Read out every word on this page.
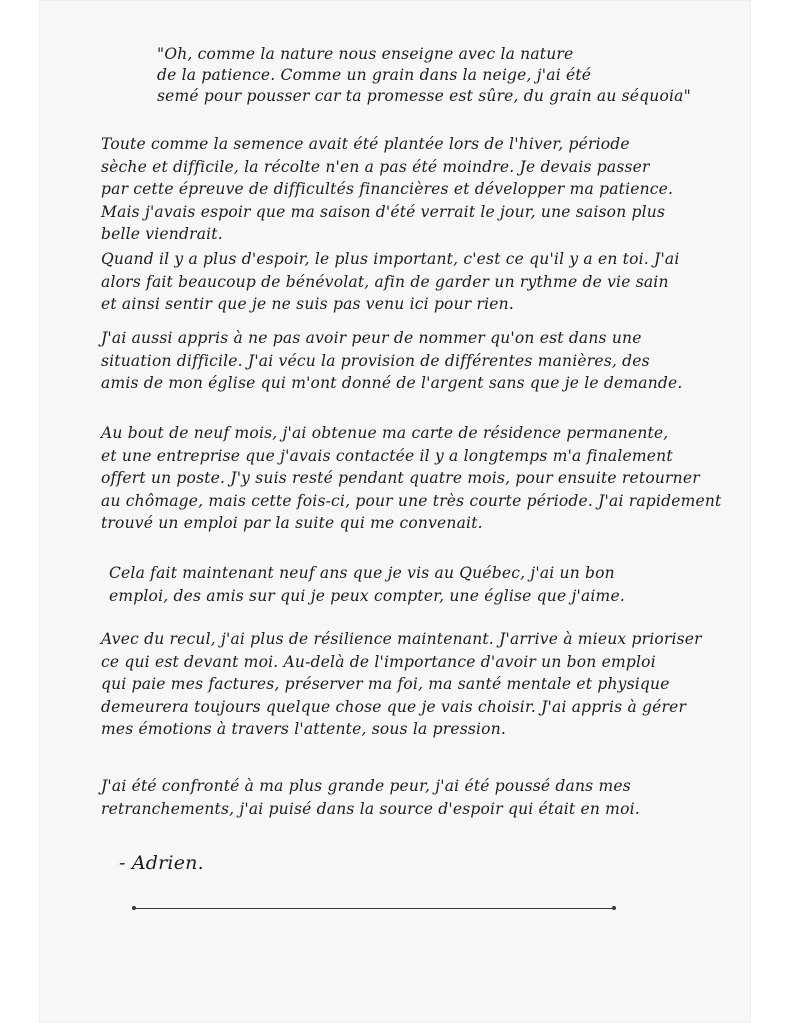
"Oh, comme la nature nous enseigne avec la nature
de la patience. Comme un grain dans la neige, j'ai été
semé pour pousser car ta promesse est sûre, du grain au séquoia"

Toute comme la semence avait été plantée lors de l'hiver, période
sèche et difficile, la récolte n'en a pas été moindre. Je devais passer
par cette épreuve de difficultés financières et développer ma patience.
Mais j'avais espoir que ma saison d'été verrait le jour, une saison plus
belle viendrait.

Quand il y a plus d'espoir, le plus important, c'est ce qu'il y a en toi. J'ai
alors fait beaucoup de bénévolat, afin de garder un rythme de vie sain
et ainsi sentir que je ne suis pas venu ici pour rien.

J'ai aussi appris à ne pas avoir peur de nommer qu'on est dans une
situation difficile. J'ai vécu la provision de différentes manières, des
amis de mon église qui m'ont donné de l'argent sans que je le demande.

Au bout de neuf mois, j'ai obtenue ma carte de résidence permanente,
et une entreprise que j'avais contactée il y a longtemps m'a finalement
offert un poste. J'y suis resté pendant quatre mois, pour ensuite retourner
au chômage, mais cette fois-ci, pour une très courte période. J'ai rapidement
trouvé un emploi par la suite qui me convenait.

Cela fait maintenant neuf ans que je vis au Québec, j'ai un bon
emploi, des amis sur qui je peux compter, une église que j'aime.

Avec du recul, j'ai plus de résilience maintenant. J'arrive à mieux prioriser
ce qui est devant moi. Au-delà de l'importance d'avoir un bon emploi
qui paie mes factures, préserver ma foi, ma santé mentale et physique
demeurera toujours quelque chose que je vais choisir. J'ai appris à gérer
mes émotions à travers l'attente, sous la pression.

J'ai été confronté à ma plus grande peur, j'ai été poussé dans mes
retranchements, j'ai puisé dans la source d'espoir qui était en moi.

- Adrien.
